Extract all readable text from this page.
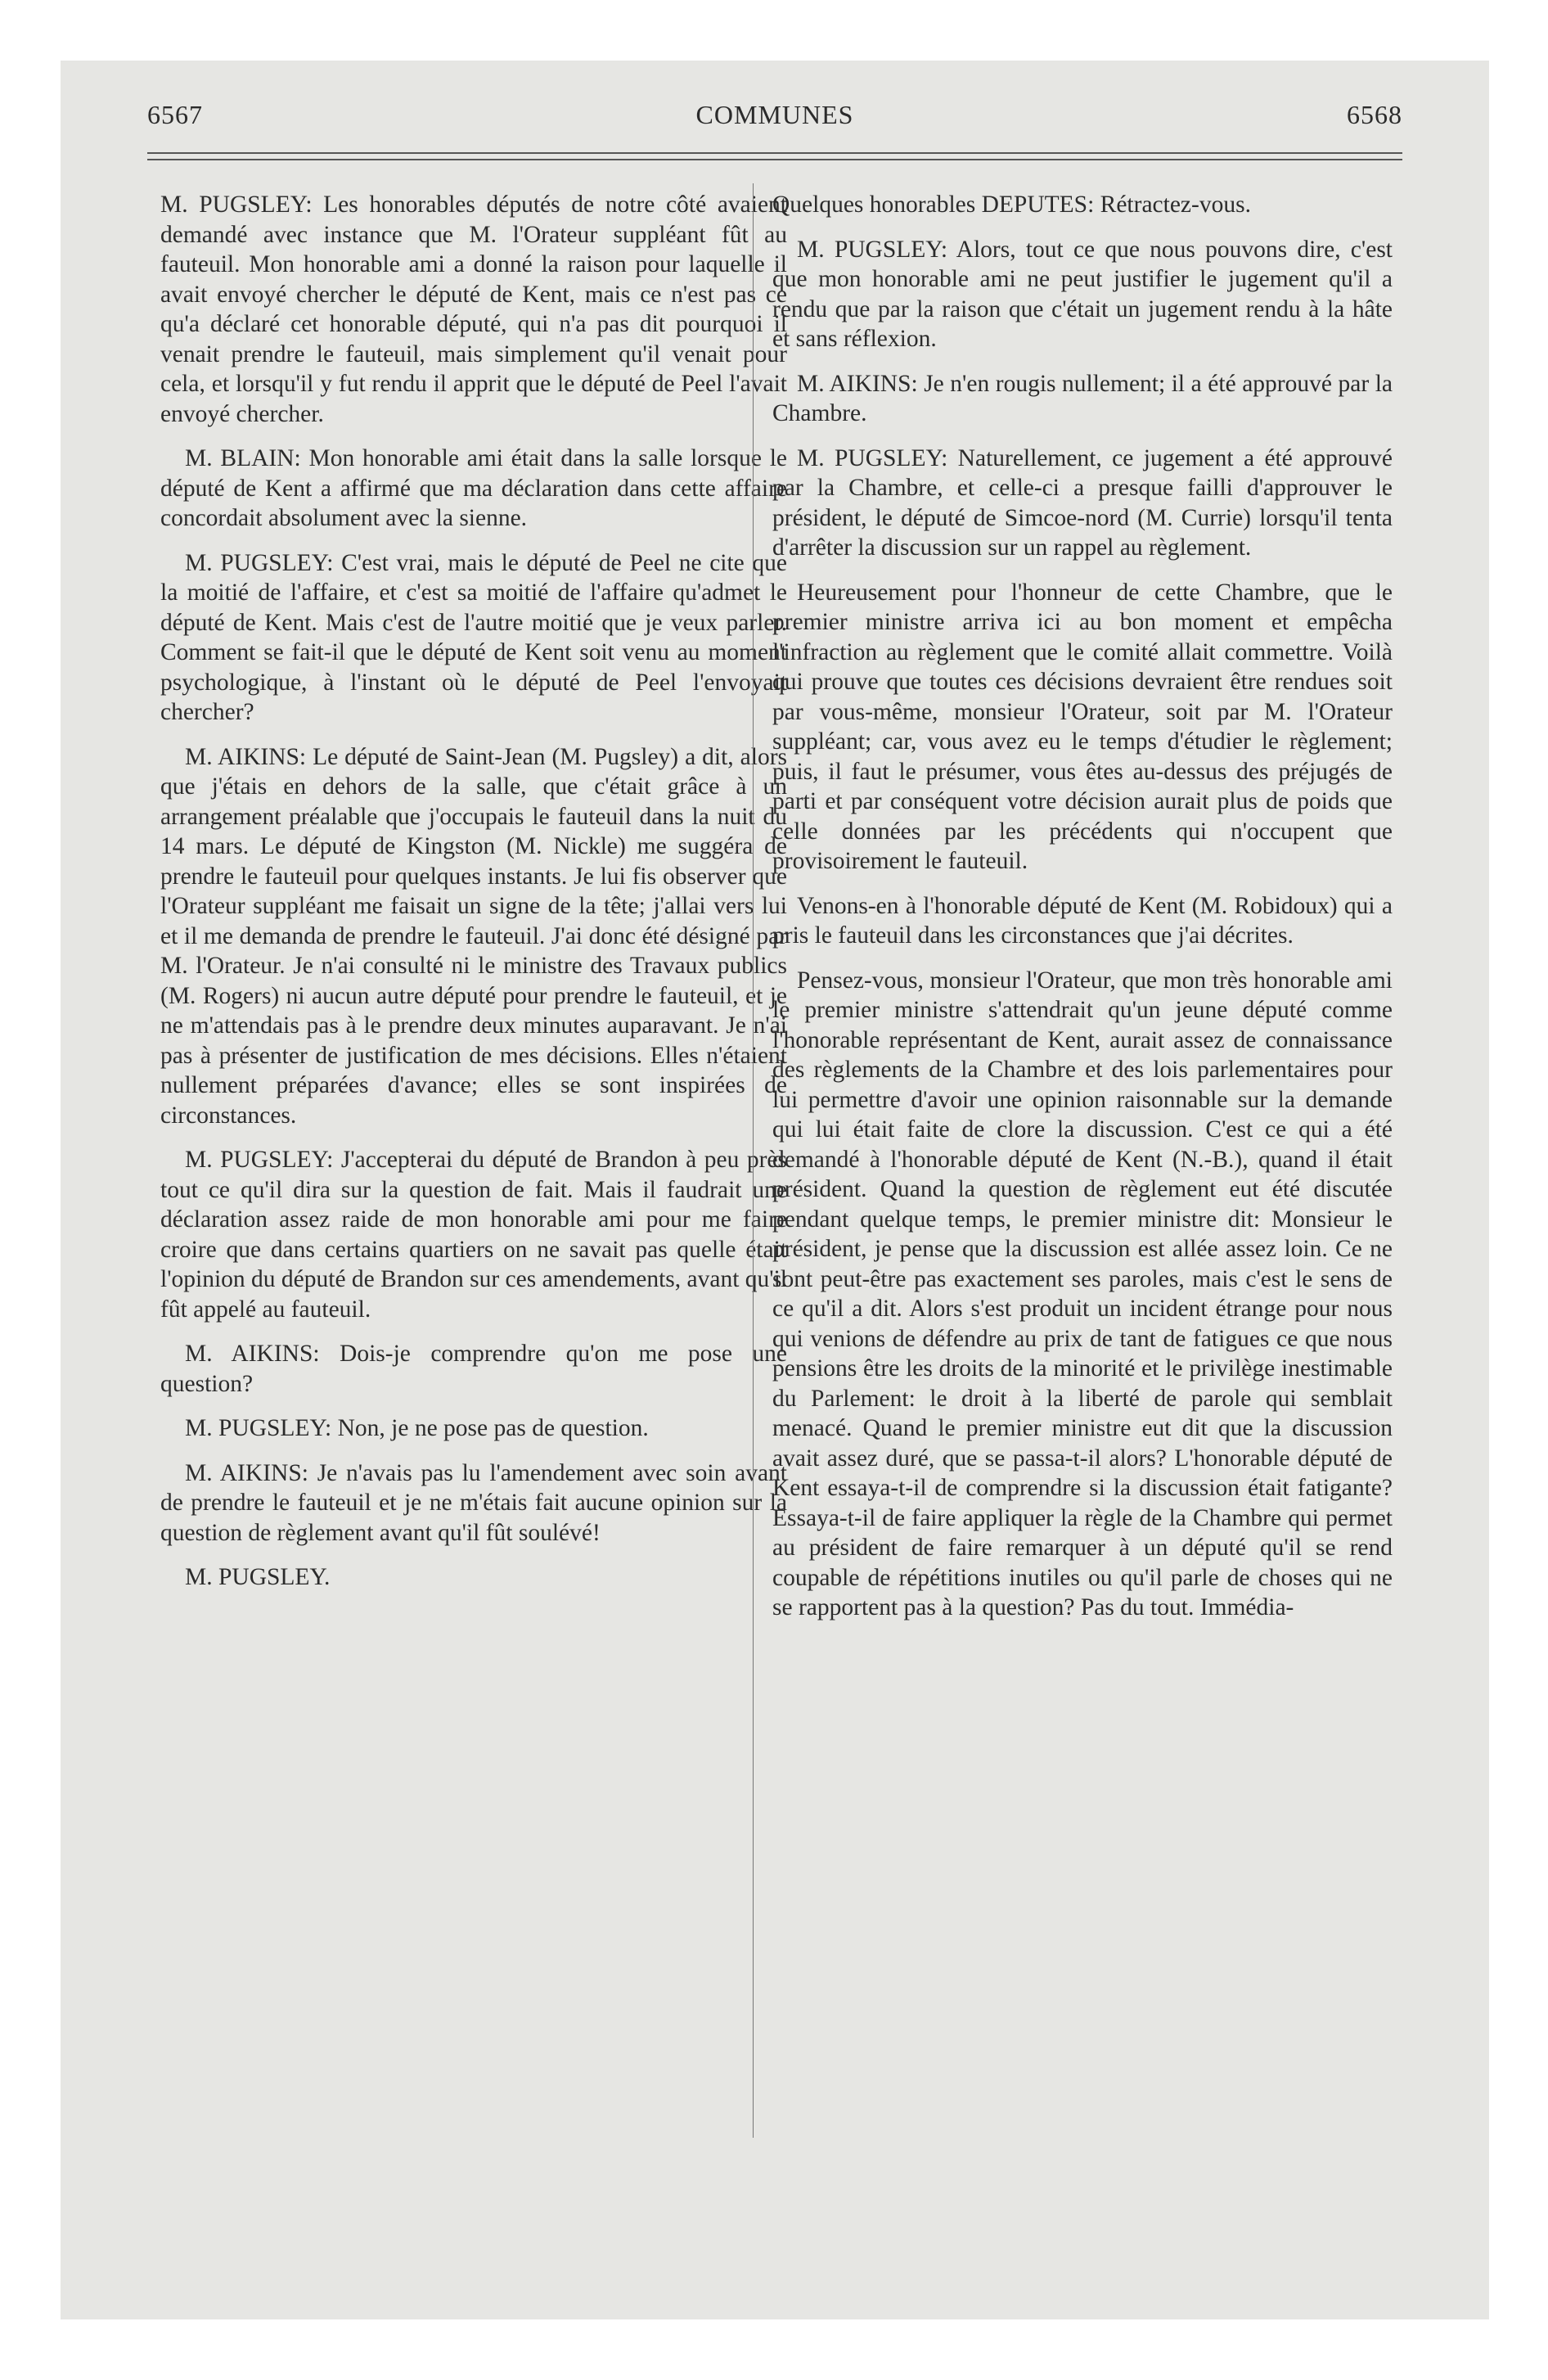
6567	COMMUNES	6568

M. PUGSLEY: Les honorables députés de notre côté avaient demandé avec instance que M. l'Orateur suppléant fût au fauteuil. Mon honorable ami a donné la raison pour laquelle il avait envoyé chercher le député de Kent, mais ce n'est pas ce qu'a déclaré cet honorable député, qui n'a pas dit pourquoi il venait prendre le fauteuil, mais simplement qu'il venait pour cela, et lorsqu'il y fut rendu il apprit que le député de Peel l'avait envoyé chercher.

M. BLAIN: Mon honorable ami était dans la salle lorsque le député de Kent a affirmé que ma déclaration dans cette affaire concordait absolument avec la sienne.

M. PUGSLEY: C'est vrai, mais le député de Peel ne cite que la moitié de l'affaire, et c'est sa moitié de l'affaire qu'admet le député de Kent. Mais c'est de l'autre moitié que je veux parler. Comment se fait-il que le député de Kent soit venu au moment psychologique, à l'instant où le député de Peel l'envoyait chercher?

M. AIKINS: Le député de Saint-Jean (M. Pugsley) a dit, alors que j'étais en dehors de la salle, que c'était grâce à un arrangement préalable que j'occupais le fauteuil dans la nuit du 14 mars. Le député de Kingston (M. Nickle) me suggéra de prendre le fauteuil pour quelques instants. Je lui fis observer que l'Orateur suppléant me faisait un signe de la tête; j'allai vers lui et il me demanda de prendre le fauteuil. J'ai donc été désigné par M. l'Orateur. Je n'ai consulté ni le ministre des Travaux publics (M. Rogers) ni aucun autre député pour prendre le fauteuil, et je ne m'attendais pas à le prendre deux minutes auparavant. Je n'ai pas à présenter de justification de mes décisions. Elles n'étaient nullement préparées d'avance; elles se sont inspirées de circonstances.

M. PUGSLEY: J'accepterai du député de Brandon à peu près tout ce qu'il dira sur la question de fait. Mais il faudrait une déclaration assez raide de mon honorable ami pour me faire croire que dans certains quartiers on ne savait pas quelle était l'opinion du député de Brandon sur ces amendements, avant qu'il fût appelé au fauteuil.

M. AIKINS: Dois-je comprendre qu'on me pose une question?

M. PUGSLEY: Non, je ne pose pas de question.

M. AIKINS: Je n'avais pas lu l'amendement avec soin avant de prendre le fauteuil et je ne m'étais fait aucune opinion sur la question de règlement avant qu'il fût soulévé!

M. PUGSLEY.

Quelques honorables DEPUTES: Rétractez-vous.

M. PUGSLEY: Alors, tout ce que nous pouvons dire, c'est que mon honorable ami ne peut justifier le jugement qu'il a rendu que par la raison que c'était un jugement rendu à la hâte et sans réflexion.

M. AIKINS: Je n'en rougis nullement; il a été approuvé par la Chambre.

M. PUGSLEY: Naturellement, ce jugement a été approuvé par la Chambre, et celle-ci a presque failli d'approuver le président, le député de Simcoe-nord (M. Currie) lorsqu'il tenta d'arrêter la discussion sur un rappel au règlement.

Heureusement pour l'honneur de cette Chambre, que le premier ministre arriva ici au bon moment et empêcha l'infraction au règlement que le comité allait commettre. Voilà qui prouve que toutes ces décisions devraient être rendues soit par vous-même, monsieur l'Orateur, soit par M. l'Orateur suppléant; car, vous avez eu le temps d'étudier le règlement; puis, il faut le présumer, vous êtes au-dessus des préjugés de parti et par conséquent votre décision aurait plus de poids que celle données par les précédents qui n'occupent que provisoirement le fauteuil.

Venons-en à l'honorable député de Kent (M. Robidoux) qui a pris le fauteuil dans les circonstances que j'ai décrites.

Pensez-vous, monsieur l'Orateur, que mon très honorable ami le premier ministre s'attendrait qu'un jeune député comme l'honorable représentant de Kent, aurait assez de connaissance des règlements de la Chambre et des lois parlementaires pour lui permettre d'avoir une opinion raisonnable sur la demande qui lui était faite de clore la discussion. C'est ce qui a été demandé à l'honorable député de Kent (N.-B.), quand il était président. Quand la question de règlement eut été discutée pendant quelque temps, le premier ministre dit: Monsieur le président, je pense que la discussion est allée assez loin. Ce ne sont peut-être pas exactement ses paroles, mais c'est le sens de ce qu'il a dit. Alors s'est produit un incident étrange pour nous qui venions de défendre au prix de tant de fatigues ce que nous pensions être les droits de la minorité et le privilège inestimable du Parlement: le droit à la liberté de parole qui semblait menacé. Quand le premier ministre eut dit que la discussion avait assez duré, que se passa-t-il alors? L'honorable député de Kent essaya-t-il de comprendre si la discussion était fatigante? Essaya-t-il de faire appliquer la règle de la Chambre qui permet au président de faire remarquer à un député qu'il se rend coupable de répétitions inutiles ou qu'il parle de choses qui ne se rapportent pas à la question? Pas du tout. Immédia-
